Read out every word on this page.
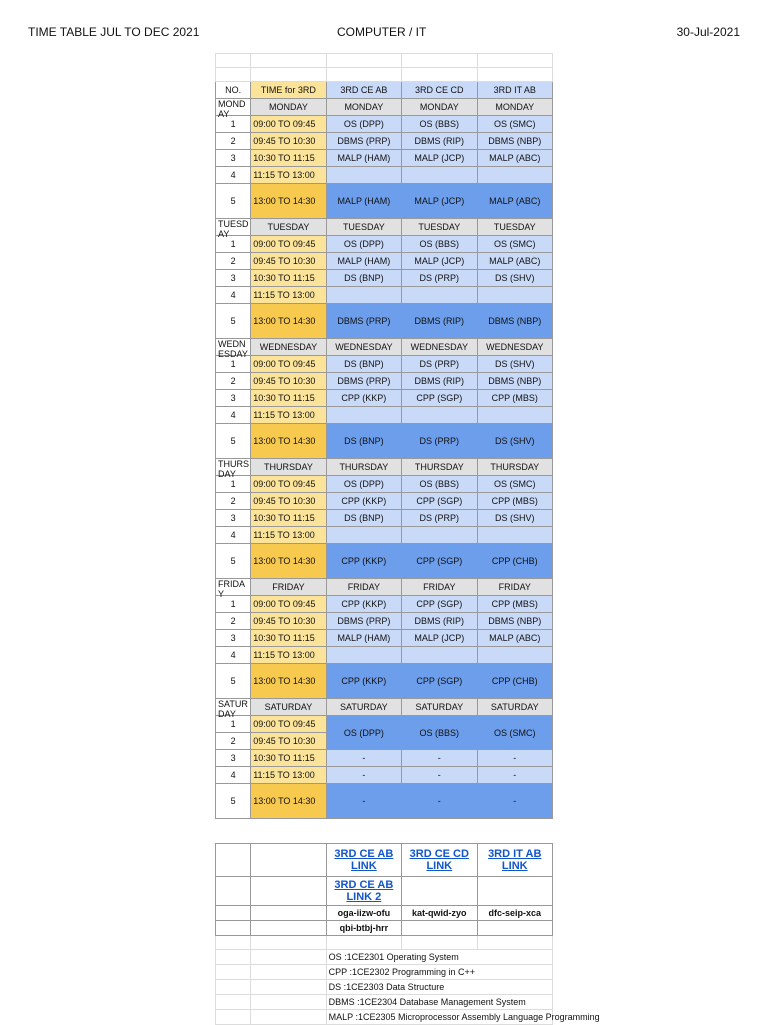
TIME TABLE JUL TO DEC 2021	COMPUTER / IT	30-Jul-2021

NO.	TIME for 3RD	3RD CE AB	3RD CE CD	3RD IT AB

MONDAY	MONDAY	MONDAY	MONDAY	MONDAY
1	09:00 TO 09:45	OS (DPP)	OS (BBS)	OS (SMC)
2	09:45 TO 10:30	DBMS (PRP)	DBMS (RIP)	DBMS (NBP)
3	10:30 TO 11:15	MALP (HAM)	MALP (JCP)	MALP (ABC)
4	11:15 TO 13:00			
5	13:00 TO 14:30	MALP (HAM)	MALP (JCP)	MALP (ABC)

TUESDAY	TUESDAY	TUESDAY	TUESDAY	TUESDAY
1	09:00 TO 09:45	OS (DPP)	OS (BBS)	OS (SMC)
2	09:45 TO 10:30	MALP (HAM)	MALP (JCP)	MALP (ABC)
3	10:30 TO 11:15	DS (BNP)	DS (PRP)	DS (SHV)
4	11:15 TO 13:00			
5	13:00 TO 14:30	DBMS (PRP)	DBMS (RIP)	DBMS (NBP)

WEDNESDAY	WEDNESDAY	WEDNESDAY	WEDNESDAY	WEDNESDAY
1	09:00 TO 09:45	DS (BNP)	DS (PRP)	DS (SHV)
2	09:45 TO 10:30	DBMS (PRP)	DBMS (RIP)	DBMS (NBP)
3	10:30 TO 11:15	CPP (KKP)	CPP (SGP)	CPP (MBS)
4	11:15 TO 13:00			
5	13:00 TO 14:30	DS (BNP)	DS (PRP)	DS (SHV)

THURSDAY	THURSDAY	THURSDAY	THURSDAY	THURSDAY
1	09:00 TO 09:45	OS (DPP)	OS (BBS)	OS (SMC)
2	09:45 TO 10:30	CPP (KKP)	CPP (SGP)	CPP (MBS)
3	10:30 TO 11:15	DS (BNP)	DS (PRP)	DS (SHV)
4	11:15 TO 13:00			
5	13:00 TO 14:30	CPP (KKP)	CPP (SGP)	CPP (CHB)

FRIDAY	FRIDAY	FRIDAY	FRIDAY	FRIDAY
1	09:00 TO 09:45	CPP (KKP)	CPP (SGP)	CPP (MBS)
2	09:45 TO 10:30	DBMS (PRP)	DBMS (RIP)	DBMS (NBP)
3	10:30 TO 11:15	MALP (HAM)	MALP (JCP)	MALP (ABC)
4	11:15 TO 13:00			
5	13:00 TO 14:30	CPP (KKP)	CPP (SGP)	CPP (CHB)

SATURDAY	SATURDAY	SATURDAY	SATURDAY	SATURDAY
1	09:00 TO 09:45	OS (DPP)	OS (BBS)	OS (SMC)
2	09:45 TO 10:30			
3	10:30 TO 11:15	-	-	-
4	11:15 TO 13:00	-	-	-
5	13:00 TO 14:30	-	-	-
		3RD CE AB LINK	3RD CE CD LINK	3RD IT AB LINK
		3RD CE AB LINK 2		
		oga-iizw-ofu	kat-qwid-zyo	dfc-seip-xca
		qbi-btbj-hrr		

		OS :1CE2301 Operating System		
		CPP :1CE2302 Programming in C++		
		DS :1CE2303 Data Structure		
		DBMS :1CE2304 Database Management System		
		MALP :1CE2305 Microprocessor Assembly Language Programming		
